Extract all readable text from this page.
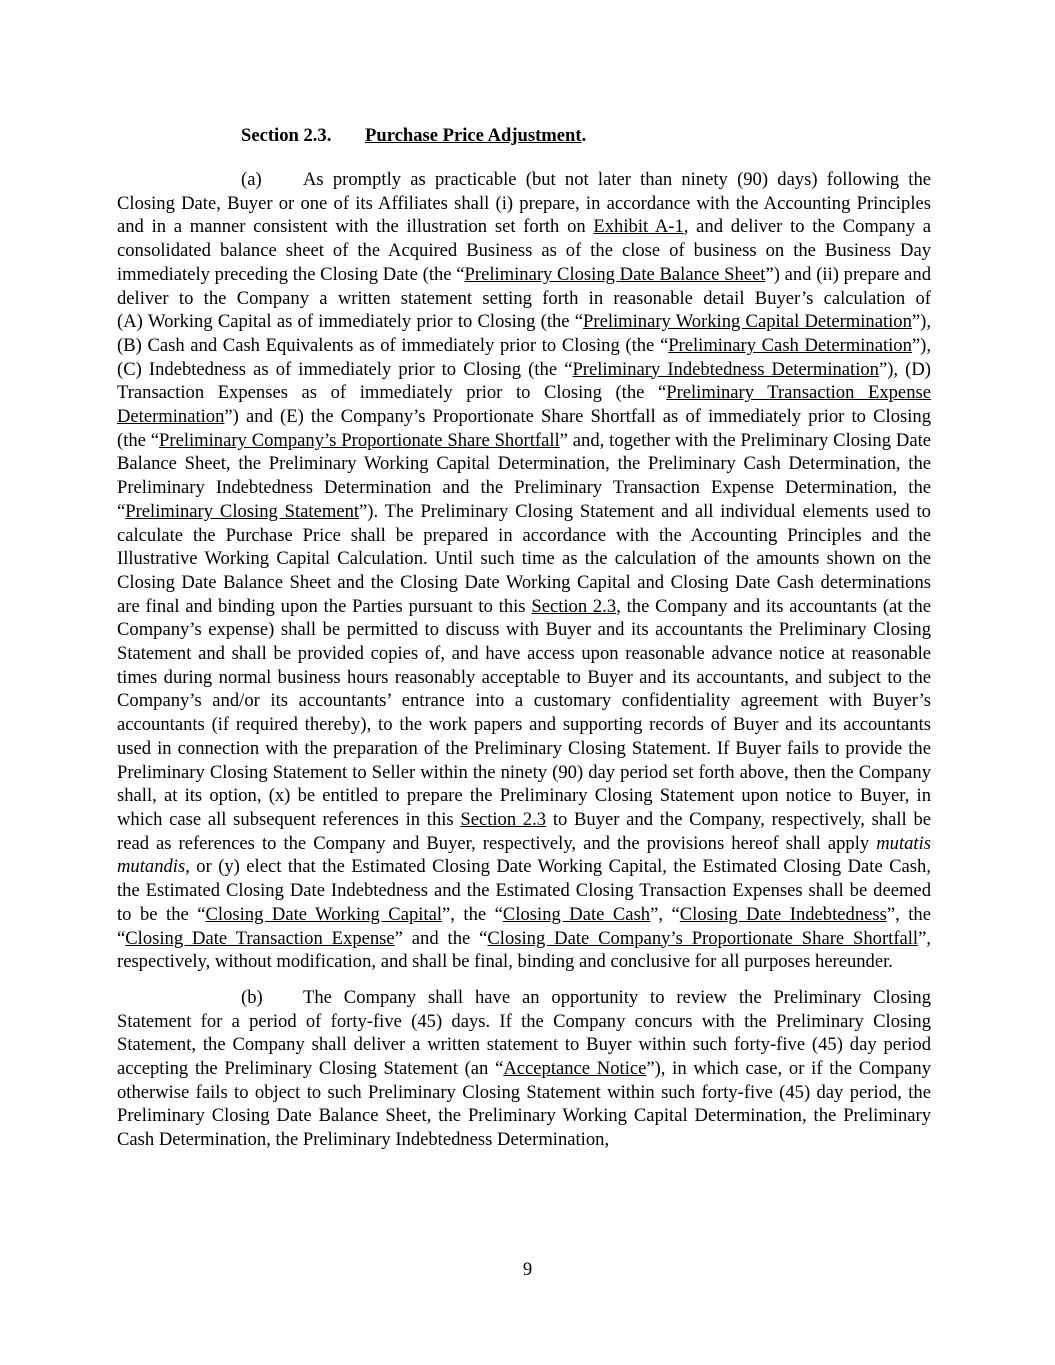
Section 2.3. Purchase Price Adjustment.

(a) As promptly as practicable (but not later than ninety (90) days) following the Closing Date, Buyer or one of its Affiliates shall (i) prepare, in accordance with the Accounting Principles and in a manner consistent with the illustration set forth on Exhibit A-1, and deliver to the Company a consolidated balance sheet of the Acquired Business as of the close of business on the Business Day immediately preceding the Closing Date (the “Preliminary Closing Date Balance Sheet”) and (ii) prepare and deliver to the Company a written statement setting forth in reasonable detail Buyer’s calculation of (A) Working Capital as of immediately prior to Closing (the “Preliminary Working Capital Determination”), (B) Cash and Cash Equivalents as of immediately prior to Closing (the “Preliminary Cash Determination”), (C) Indebtedness as of immediately prior to Closing (the “Preliminary Indebtedness Determination”), (D) Transaction Expenses as of immediately prior to Closing (the “Preliminary Transaction Expense Determination”) and (E) the Company’s Proportionate Share Shortfall as of immediately prior to Closing (the “Preliminary Company’s Proportionate Share Shortfall” and, together with the Preliminary Closing Date Balance Sheet, the Preliminary Working Capital Determination, the Preliminary Cash Determination, the Preliminary Indebtedness Determination and the Preliminary Transaction Expense Determination, the “Preliminary Closing Statement”). The Preliminary Closing Statement and all individual elements used to calculate the Purchase Price shall be prepared in accordance with the Accounting Principles and the Illustrative Working Capital Calculation. Until such time as the calculation of the amounts shown on the Closing Date Balance Sheet and the Closing Date Working Capital and Closing Date Cash determinations are final and binding upon the Parties pursuant to this Section 2.3, the Company and its accountants (at the Company’s expense) shall be permitted to discuss with Buyer and its accountants the Preliminary Closing Statement and shall be provided copies of, and have access upon reasonable advance notice at reasonable times during normal business hours reasonably acceptable to Buyer and its accountants, and subject to the Company’s and/or its accountants’ entrance into a customary confidentiality agreement with Buyer’s accountants (if required thereby), to the work papers and supporting records of Buyer and its accountants used in connection with the preparation of the Preliminary Closing Statement. If Buyer fails to provide the Preliminary Closing Statement to Seller within the ninety (90) day period set forth above, then the Company shall, at its option, (x) be entitled to prepare the Preliminary Closing Statement upon notice to Buyer, in which case all subsequent references in this Section 2.3 to Buyer and the Company, respectively, shall be read as references to the Company and Buyer, respectively, and the provisions hereof shall apply mutatis mutandis, or (y) elect that the Estimated Closing Date Working Capital, the Estimated Closing Date Cash, the Estimated Closing Date Indebtedness and the Estimated Closing Transaction Expenses shall be deemed to be the “Closing Date Working Capital”, the “Closing Date Cash”, “Closing Date Indebtedness”, the “Closing Date Transaction Expense” and the “Closing Date Company’s Proportionate Share Shortfall”, respectively, without modification, and shall be final, binding and conclusive for all purposes hereunder.

(b) The Company shall have an opportunity to review the Preliminary Closing Statement for a period of forty-five (45) days. If the Company concurs with the Preliminary Closing Statement, the Company shall deliver a written statement to Buyer within such forty-five (45) day period accepting the Preliminary Closing Statement (an “Acceptance Notice”), in which case, or if the Company otherwise fails to object to such Preliminary Closing Statement within such forty-five (45) day period, the Preliminary Closing Date Balance Sheet, the Preliminary Working Capital Determination, the Preliminary Cash Determination, the Preliminary Indebtedness Determination,

9
